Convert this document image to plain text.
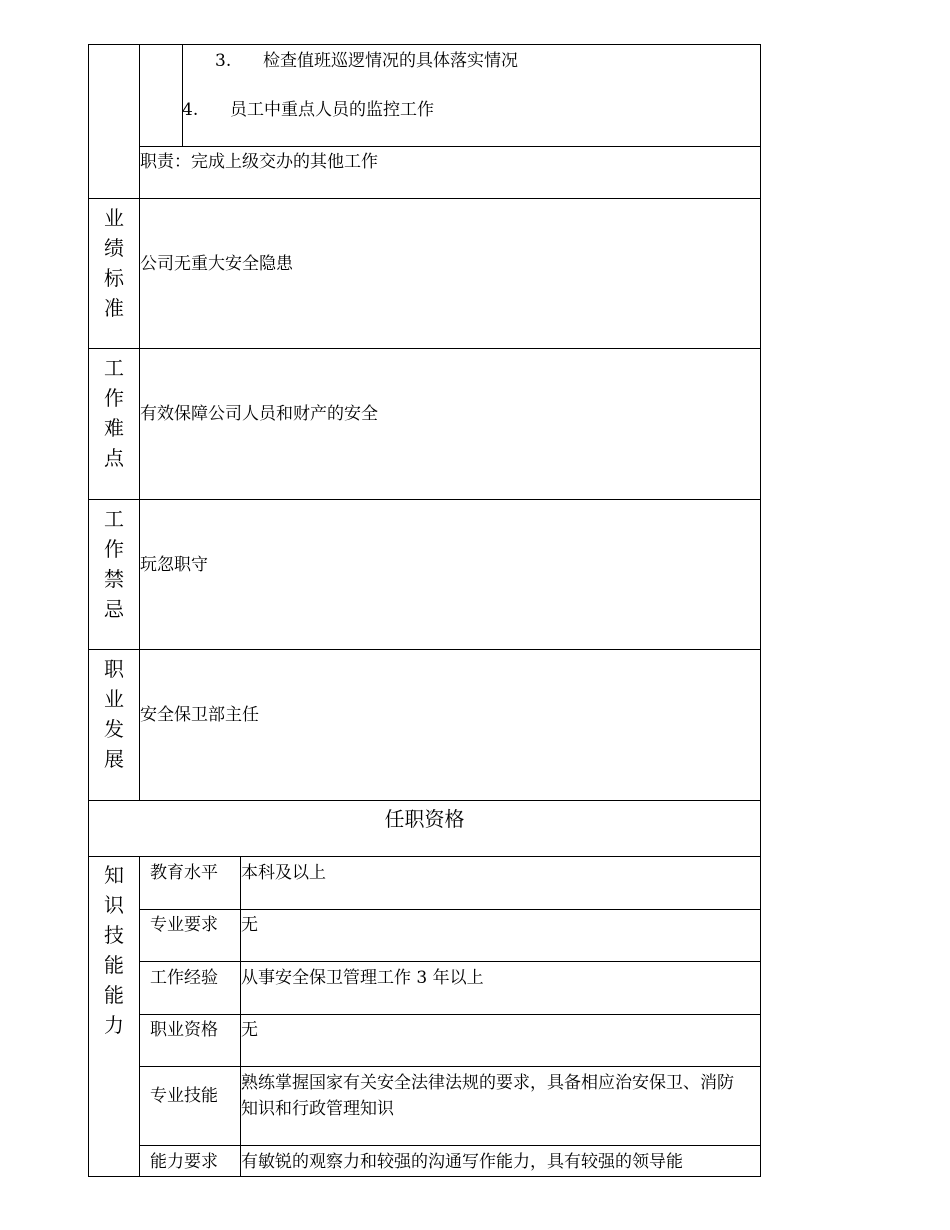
3. 检查值班巡逻情况的具体落实情况
4. 员工中重点人员的监控工作
职责：完成上级交办的其他工作
业
绩
标
准
公司无重大安全隐患
工
作
难
点
有效保障公司人员和财产的安全
工
作
禁
忌
玩忽职守
职
业
发
展
安全保卫部主任
任职资格
知
识
技
能
能
力
教育水平 本科及以上
专业要求 无
工作经验 从事安全保卫管理工作 3 年以上
职业资格 无
专业技能
熟练掌握国家有关安全法律法规的要求，具备相应治安保卫、消防知识和行政管理知识
能力要求 有敏锐的观察力和较强的沟通写作能力，具有较强的领导能
